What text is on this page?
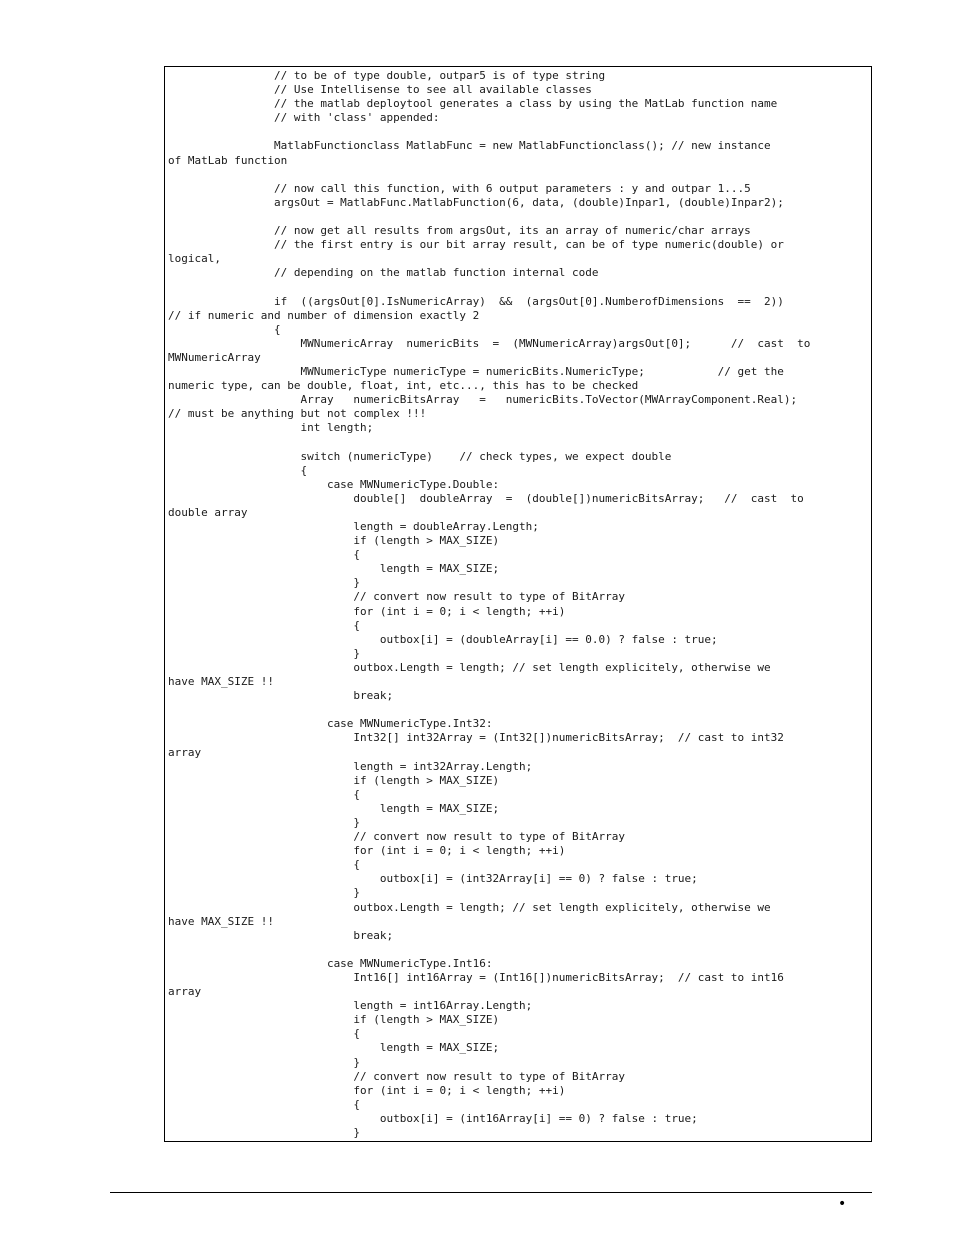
// to be of type double, outpar5 is of type string
// Use Intellisense to see all available classes
// the matlab deploytool generates a class by using the MatLab function name
// with 'class' appended:
MatlabFunctionclass MatlabFunc = new MatlabFunctionclass(); // new instance
of MatLab function
// now call this function, with 6 output parameters : y and outpar 1...5
argsOut = MatlabFunc.MatlabFunction(6, data, (double)Inpar1, (double)Inpar2);
// now get all results from argsOut, its an array of numeric/char arrays
// the first entry is our bit array result, can be of type numeric(double) or
logical,
// depending on the matlab function internal code
if  ((argsOut[0].IsNumericArray)  &&  (argsOut[0].NumberofDimensions  ==  2))
// if numeric and number of dimension exactly 2
{
MWNumericArray  numericBits  =  (MWNumericArray)argsOut[0];      //  cast  to
MWNumericArray
MWNumericType numericType = numericBits.NumericType;           // get the
numeric type, can be double, float, int, etc..., this has to be checked
Array   numericBitsArray   =   numericBits.ToVector(MWArrayComponent.Real);
// must be anything but not complex !!!
int length;
switch (numericType)    // check types, we expect double
{
case MWNumericType.Double:
double[]  doubleArray  =  (double[])numericBitsArray;   //  cast  to
double array
length = doubleArray.Length;
if (length > MAX_SIZE)
{
length = MAX_SIZE;
}
// convert now result to type of BitArray
for (int i = 0; i < length; ++i)
{
outbox[i] = (doubleArray[i] == 0.0) ? false : true;
}
outbox.Length = length; // set length explicitely, otherwise we
have MAX_SIZE !!
break;
case MWNumericType.Int32:
Int32[] int32Array = (Int32[])numericBitsArray;  // cast to int32
array
length = int32Array.Length;
if (length > MAX_SIZE)
{
length = MAX_SIZE;
}
// convert now result to type of BitArray
for (int i = 0; i < length; ++i)
{
outbox[i] = (int32Array[i] == 0) ? false : true;
}
outbox.Length = length; // set length explicitely, otherwise we
have MAX_SIZE !!
break;
case MWNumericType.Int16:
Int16[] int16Array = (Int16[])numericBitsArray;  // cast to int16
array
length = int16Array.Length;
if (length > MAX_SIZE)
{
length = MAX_SIZE;
}
// convert now result to type of BitArray
for (int i = 0; i < length; ++i)
{
outbox[i] = (int16Array[i] == 0) ? false : true;
}
•
